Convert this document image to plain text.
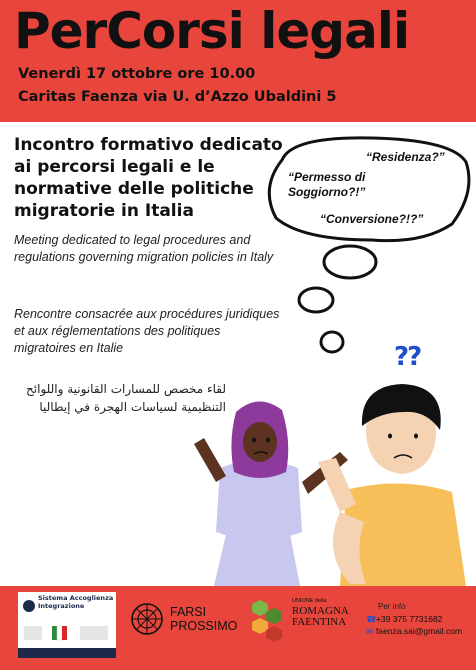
PerCorsi legali
Venerdì 17 ottobre ore 10.00
Caritas Faenza via U. d’Azzo Ubaldini 5
Incontro formativo dedicato ai percorsi legali e le normative delle politiche migratorie in Italia
Meeting dedicated to legal procedures and regulations governing migration policies in Italy
Rencontre consacrée aux procédures juridiques et aux réglementations des politiques migratoires en Italie
لقاء مخصص للمسارات القانونية واللوائح التنظيمية لسياسات الهجرة في إيطاليا
“Residenza?”
“Permesso di Soggiorno?!”
“Conversione?!?”
??
Sistema Accoglienza Integrazione	FARSI PROSSIMO
UNIONE della
ROMAGNA FAENTINA
Per info
☎+39 375 7731682
✉ faenza.sai@gmail.com
